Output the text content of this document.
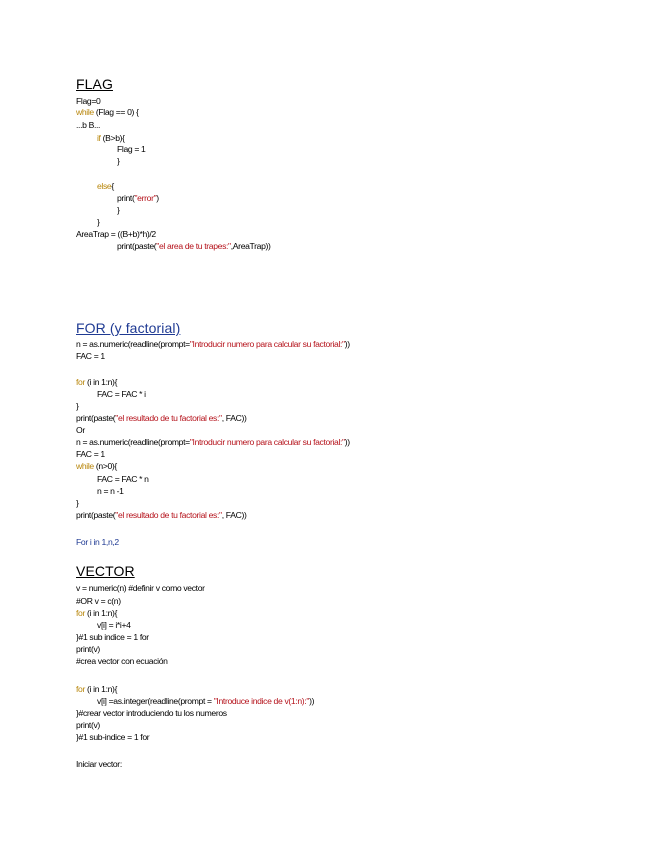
FLAG
Flag=0
while (Flag == 0) {
...b B...
if (B>b){
Flag = 1
}
else{
print("error")
}
}
AreaTrap = ((B+b)*h)/2
print(paste("el area de tu trapes:",AreaTrap))
FOR (y factorial)
n = as.numeric(readline(prompt="Introducir numero para calcular su factorial:"))
FAC = 1
for (i in 1:n){
FAC = FAC * i
}
print(paste("el resultado de tu factorial es:", FAC))
Or
n = as.numeric(readline(prompt="Introducir numero para calcular su factorial:"))
FAC = 1
while (n>0){
FAC = FAC * n
n = n -1
}
print(paste("el resultado de tu factorial es:", FAC))
For i in 1,n,2
VECTOR
v = numeric(n) #definir v como vector
#OR v = c(n)
for (i in 1:n){
v[i] = i*i+4
}#1 sub indice = 1 for
print(v)
#crea vector con ecuación
for (i in 1:n){
v[i] =as.integer(readline(prompt = "Introduce indice de v(1:n):"))
}#crear vector introduciendo tu los numeros
print(v)
}#1 sub-indice = 1 for
Iniciar vector:
